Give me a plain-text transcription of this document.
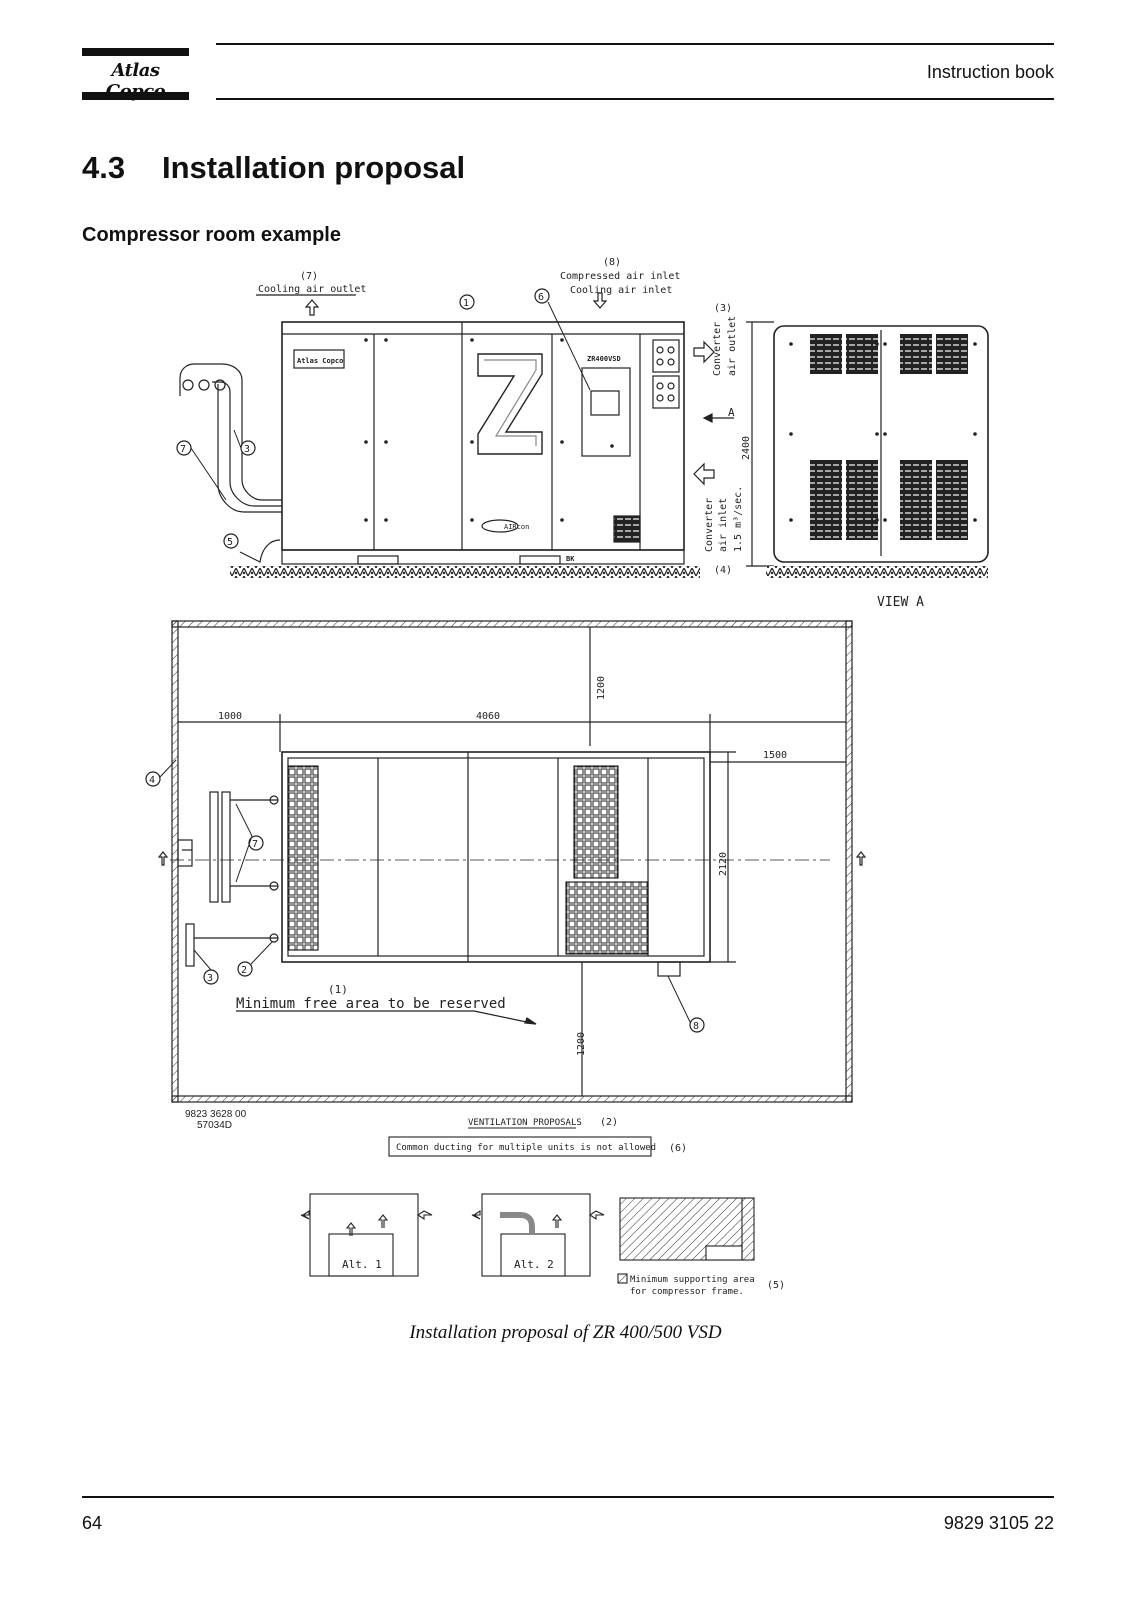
Atlas	Instruction book
4.3 Installation proposal
Compressor room example
(7)
Cooling air outlet
(8)
Compressed air inlet
Cooling air inlet
Atlas Copco	ZR400VSD
AIRcon
BK
(3)
Converter air outlet
A
Converter air inlet 1.5 m³/sec.
(4)
2400
VIEW A
1000	4060
1200
1500
2120
1200
(1)
Minimum free area to be reserved
1
6
7	3
5
4
7
3
2
8
9823 3628 00
57034D	VENTILATION PROPOSALS (2)
Common ducting for multiple units is not allowed (6)
Alt. 1	Alt. 2
Minimum supporting area
for compressor frame.
(5)
Installation proposal of ZR 400/500 VSD
64	9829 3105 22
